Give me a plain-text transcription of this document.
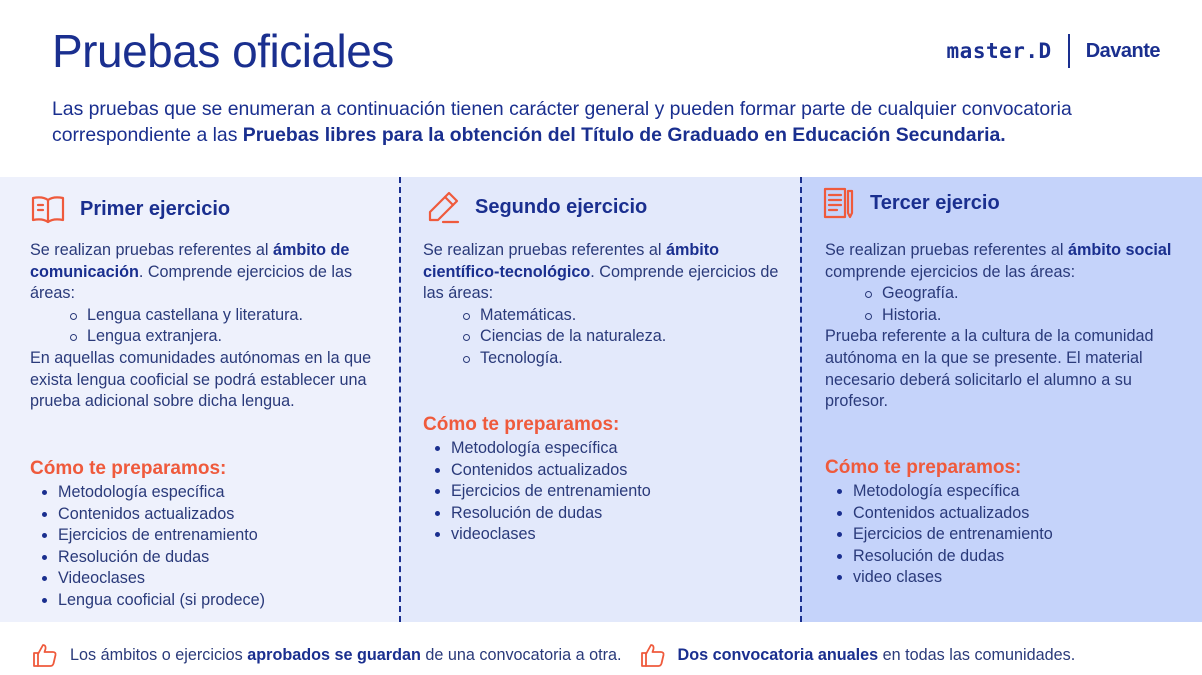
Pruebas oficiales	master.D Davante
Las pruebas que se enumeran a continuación tienen carácter general y pueden formar parte de cualquier convocatoria correspondiente a las Pruebas libres para la obtención del Título de Graduado en Educación Secundaria.
Primer ejercicio
Se realizan pruebas referentes al ámbito de comunicación. Comprende ejercicios de las áreas:
Lengua castellana y literatura.
Lengua extranjera.
En aquellas comunidades autónomas en la que exista lengua cooficial se podrá establecer una prueba adicional sobre dicha lengua.
Cómo te preparamos:
Metodología específica
Contenidos actualizados
Ejercicios de entrenamiento
Resolución de dudas
Videoclases
Lengua cooficial (si prodece)
Segundo ejercicio
Se realizan pruebas referentes al ámbito científico-tecnológico. Comprende ejercicios de las áreas:
Matemáticas.
Ciencias de la naturaleza.
Tecnología.
Cómo te preparamos:
Metodología específica
Contenidos actualizados
Ejercicios de entrenamiento
Resolución de dudas
videoclases
Tercer ejercio
Se realizan pruebas referentes al ámbito social comprende ejercicios de las áreas:
Geografía.
Historia.
Prueba referente a la cultura de la comunidad autónoma en la que se presente. El material necesario deberá solicitarlo el alumno a su profesor.
Cómo te preparamos:
Metodología específica
Contenidos actualizados
Ejercicios de entrenamiento
Resolución de dudas
video clases
Los ámbitos o ejercicios aprobados se guardan de una convocatoria a otra.	Dos convocatoria anuales en todas las comunidades.
